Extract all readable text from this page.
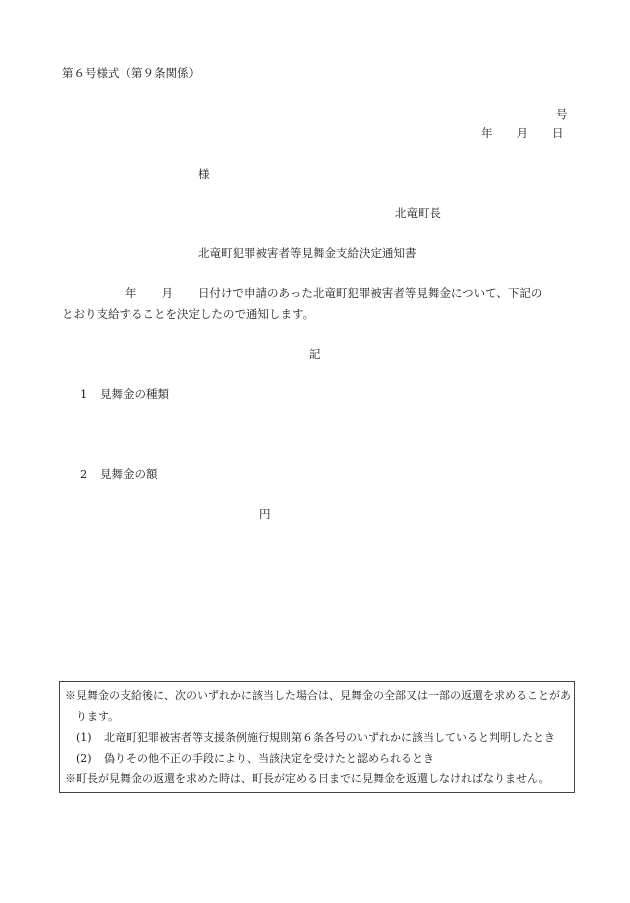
第６号様式（第９条関係）
号
年 月 日
様
北竜町長
北竜町犯罪被害者等見舞金支給決定通知書
年 月 日付けで申請のあった北竜町犯罪被害者等見舞金について、下記の
とおり支給することを決定したので通知します。
記
1 見舞金の種類
2 見舞金の額
円
※見舞金の支給後に、次のいずれかに該当した場合は、見舞金の全部又は一部の返還を求めることがあ
ります。
(1) 北竜町犯罪被害者等支援条例施行規則第６条各号のいずれかに該当していると判明したとき
(2) 偽りその他不正の手段により、当該決定を受けたと認められるとき
※町長が見舞金の返還を求めた時は、町長が定める日までに見舞金を返還しなければなりません。
